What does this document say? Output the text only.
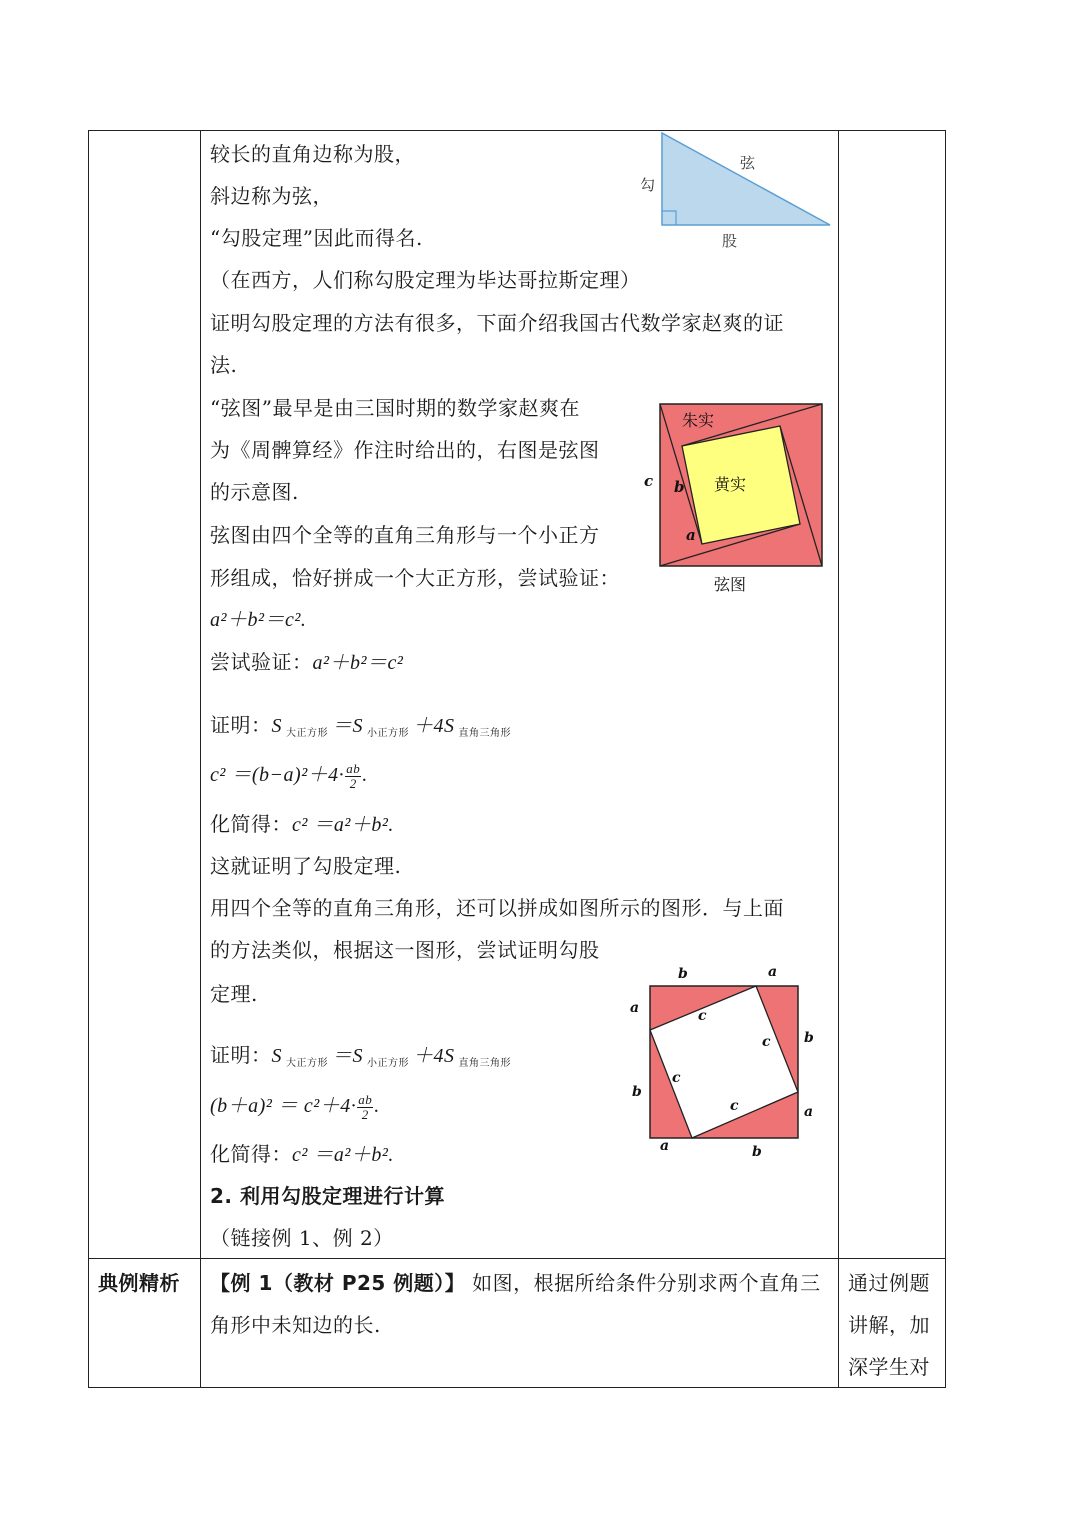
较长的直角边称为股，
斜边称为弦，
“勾股定理”因此而得名.
（在西方，人们称勾股定理为毕达哥拉斯定理）
证明勾股定理的方法有很多，下面介绍我国古代数学家赵爽的证
法.
“弦图”最早是由三国时期的数学家赵爽在
为《周髀算经》作注时给出的，右图是弦图
的示意图.
弦图由四个全等的直角三角形与一个小正方
形组成，恰好拼成一个大正方形，尝试验证：
a²＋b²＝c².
尝试验证：a²＋b²＝c²
证明：S $_{大正方形}$ ＝S $_{小正方形}$ ＋4S $_{直角三角形}$
$c^2 =(b-a)^2+4\cdot \frac{ab}{2}$ .
化简得：c² ＝a²＋b².
这就证明了勾股定理.
用四个全等的直角三角形，还可以拼成如图所示的图形．与上面
的方法类似，根据这一图形，尝试证明勾股
定理.
证明：S $_{大正方形}$ ＝S $_{小正方形}$ ＋4S $_{直角三角形}$
$(b+a)^2 = c^2+4\cdot \frac{ab}{2}$ .
化简得：c² ＝a²＋b².
2. 利用勾股定理进行计算
（链接例 1、例 2）
典例精析 【例 1（教材 P25 例题）】 如图，根据所给条件分别求两个直角三
角形中未知边的长.
通过例题
讲解，加
深学生对
勾
弦
股
朱实
黄实
c b
a
弦图
b	a
a
b
b
a
a	b
c
c
c
c
